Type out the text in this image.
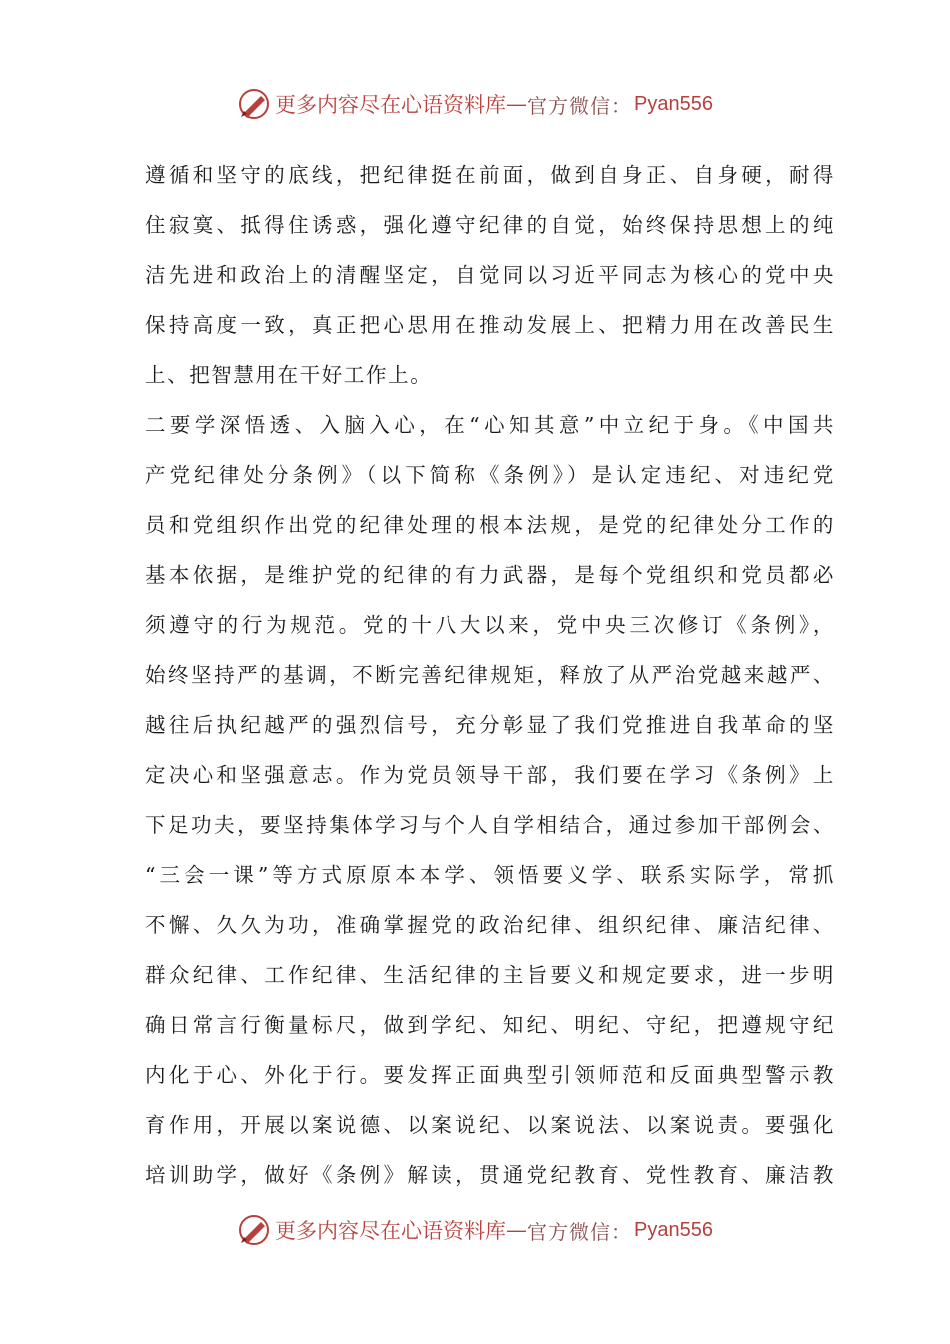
更多内容尽在心语资料库 — 官方微信： Pyan556
遵循和坚守的底线，把纪律挺在前面，做到自身正、自身硬，耐得
住寂寞、抵得住诱惑，强化遵守纪律的自觉，始终保持思想上的纯
洁先进和政治上的清醒坚定，自觉同以习近平同志为核心的党中央
保持高度一致，真正把心思用在推动发展上、把精力用在改善民生
上、把智慧用在干好工作上。
二要学深悟透、入脑入心，在“心知其意”中立纪于身。《中国共
产党纪律处分条例》（以下简称《条例》）是认定违纪、对违纪党
员和党组织作出党的纪律处理的根本法规，是党的纪律处分工作的
基本依据，是维护党的纪律的有力武器，是每个党组织和党员都必
须遵守的行为规范。党的十八大以来，党中央三次修订《条例》，
始终坚持严的基调，不断完善纪律规矩，释放了从严治党越来越严、
越往后执纪越严的强烈信号，充分彰显了我们党推进自我革命的坚
定决心和坚强意志。作为党员领导干部，我们要在学习《条例》上
下足功夫，要坚持集体学习与个人自学相结合，通过参加干部例会、
“三会一课”等方式原原本本学、领悟要义学、联系实际学，常抓
不懈、久久为功，准确掌握党的政治纪律、组织纪律、廉洁纪律、
群众纪律、工作纪律、生活纪律的主旨要义和规定要求，进一步明
确日常言行衡量标尺，做到学纪、知纪、明纪、守纪，把遵规守纪
内化于心、外化于行。要发挥正面典型引领师范和反面典型警示教
育作用，开展以案说德、以案说纪、以案说法、以案说责。要强化
培训助学，做好《条例》解读，贯通党纪教育、党性教育、廉洁教
更多内容尽在心语资料库 — 官方微信： Pyan556
